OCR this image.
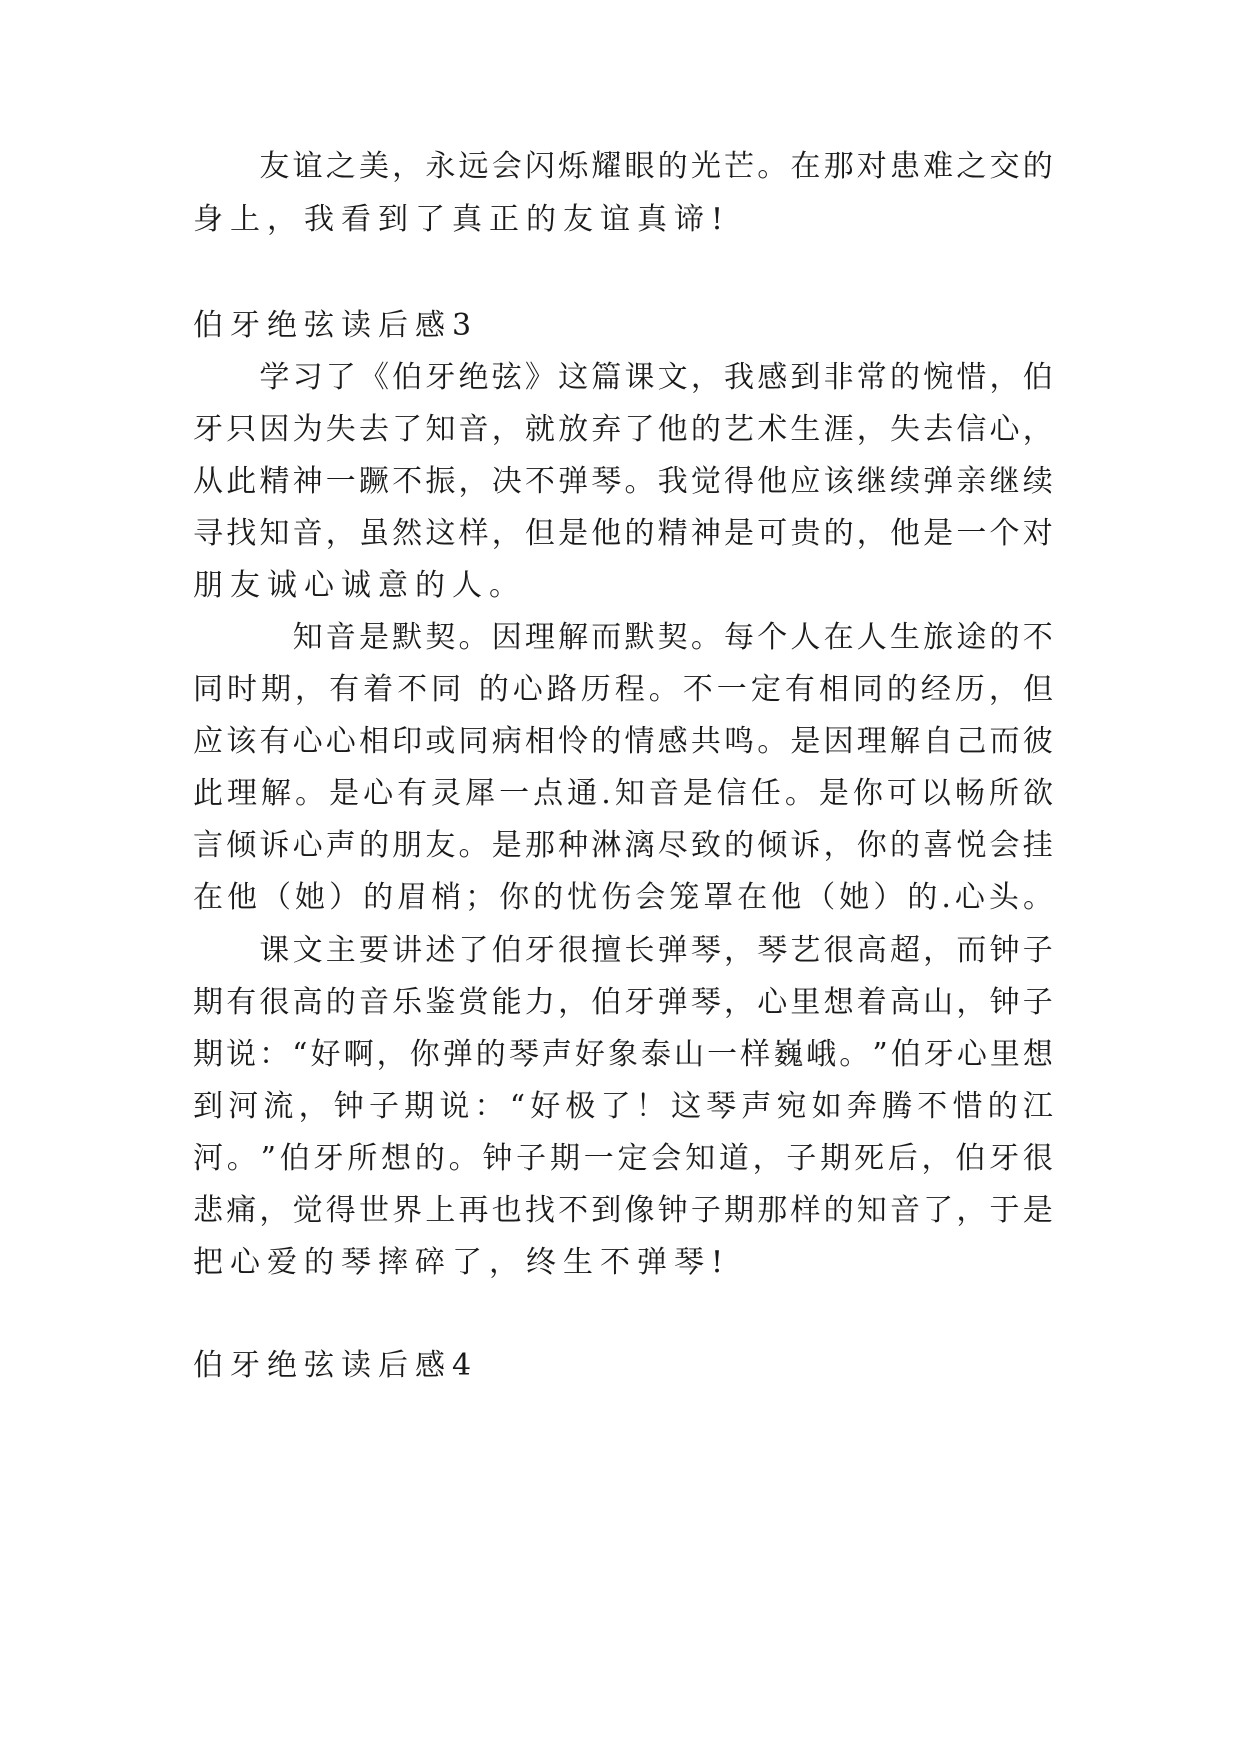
友 谊 之 美 ， 永 远 会 闪 烁 耀 眼 的 光 芒 。 在 那 对 患 难 之 交 的
身上，我看到了真正的友谊真谛!
伯牙绝弦读后感3

学 习 了 《 伯 牙 绝 弦 》 这 篇 课 文 ， 我 感 到 非 常 的 惋 惜 ， 伯
牙 只 因 为 失 去 了 知 音 ， 就 放 弃 了 他 的 艺 术 生 涯 ， 失 去 信 心 ，
从 此 精 神 一 蹶 不 振 ， 决 不 弹 琴 。 我 觉 得 他 应 该 继 续 弹 亲 继 续
寻 找 知 音 ， 虽 然 这 样 ， 但 是 他 的 精 神 是 可 贵 的 ， 他 是 一 个 对
朋友诚心诚意的人。

知 音 是 默 契 。 因 理 解 而 默 契 。 每 个 人 在 人 生 旅 途 的 不
同 时 期 ， 有 着 不 同
的 心 路 历 程 。 不 一 定 有 相 同 的 经 历 ， 但
应 该 有 心 心 相 印 或 同 病 相 怜 的 情 感 共 鸣 。 是 因 理 解 自 己 而 彼
此 理 解 。 是 心 有 灵 犀 一 点 通 . 知 音 是 信 任 。 是 你 可 以 畅 所 欲
言 倾 诉 心 声 的 朋 友 。 是 那 种 淋 漓 尽 致 的 倾 诉 ， 你 的 喜 悦 会 挂
在 他 （ 她 ） 的 眉 梢 ； 你 的 忧 伤 会 笼 罩 在 他 （ 她 ） 的 . 心 头 。

课 文 主 要 讲 述 了 伯 牙 很 擅 长 弹 琴 ， 琴 艺 很 高 超 ， 而 钟 子
期 有 很 高 的 音 乐 鉴 赏 能 力 ， 伯 牙 弹 琴 ， 心 里 想 着 高 山 ， 钟 子
期 说 ： “ 好 啊 ， 你 弹 的 琴 声 好 象 泰 山 一 样 巍 峨 。 ” 伯 牙 心 里 想
到 河 流 ， 钟 子 期 说 ： “ 好 极 了 ！ 这 琴 声 宛 如 奔 腾 不 惜 的 江
河 。 ” 伯 牙 所 想 的 。 钟 子 期 一 定 会 知 道 ， 子 期 死 后 ， 伯 牙 很
悲 痛 ， 觉 得 世 界 上 再 也 找 不 到 像 钟 子 期 那 样 的 知 音 了 ， 于 是
把心爱的琴摔碎了，终生不弹琴!
伯牙绝弦读后感4
